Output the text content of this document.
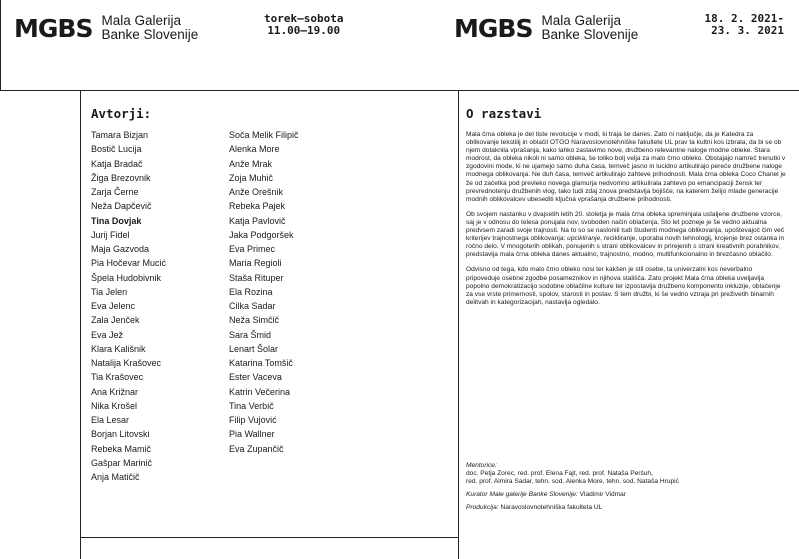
MGBS Mala Galerija
Banke Slovenije
torek–sobota
11.00–19.00	MGBS Mala Galerija
Banke Slovenije
18. 2. 2021-
23. 3. 2021
Avtorji:
Tamara Bizjan
Bostič Lucija
Katja Bradač
Žiga Brezovnik
Zarja Černe
Neža Dapčevič
Tina Dovjak
Jurij Fidel
Maja Gazvoda
Pia Hočevar Mucić
Špela Hudobivnik
Tia Jelen
Eva Jelenc
Zala Jenček
Eva Jež
Klara Kališnik
Natalija Krašovec
Tia Krašovec
Ana Križnar
Nika Krošel
Ela Lesar
Borjan Litovski
Rebeka Mamič
Gašpar Marinič
Anja Matičič
Soča Melik Filipič
Alenka More
Anže Mrak
Zoja Muhič
Anže Orešnik
Rebeka Pajek
Katja Pavlovič
Jaka Podgoršek
Eva Primec
Maria Regioli
Staša Rituper
Ela Rozina
Cilka Sadar
Neža Simčič
Sara Šmid
Lenart Šolar
Katarina Tomšič
Ester Vaceva
Katrin Večerina
Tina Verbič
Filip Vujović
Pia Wallner
Eva Zupančič
O razstavi

Mala črna obleka je del tiste revolucije v modi, ki traja še danes. Zato ni naključje, da je Katedra za oblikovanje tekstilij in oblačil OTGO Naravoslovnotehniške fakultete UL prav ta kultni kos izbrala, da bi se ob njem dotaknila vprašanja, kako lahko zastavimo nove, družbeno relevantne naloge modne obleke. Stara modrost, da obleka nikoli ni samo obleka, še toliko bolj velja za malo črno obleko. Obstajajo namreč trenutki v zgodovini mode, ki ne ujamejo samo duha časa, temveč jasno in lucidno artikulirajo pereče družbene naloge modnega oblikovanja. Ne duh časa, temveč artikulirajo zahteve prihodnosti. Mala črna obleka Coco Chanel je že od začetka pod prevleko novega glamurja nedvomno artikulirala zahtevo po emancipaciji žensk ter prevrednotenju družbenih vlog, tako tudi zdaj znova predstavlja bojišče, na katerem želijo mlade generacije modnih oblikovalcev ubesediti ključna vprašanja družbene prihodnosti.

Ob svojem nastanku v dvajsetih letih 20. stoletja je mala črna obleka spreminjala ustaljene družbene vzorce, saj je v odnosu do telesa ponujala nov, svoboden način oblačenja. Sto let pozneje je še vedno aktualna predvsem zaradi svoje trajnosti. Na to so se naslonili tudi študenti modnega oblikovanja, upoštevajoč čim več kriterijev trajnostnega oblikovanja: upcikliranje, recikliranje, uporaba novih tehnologij, krojenje brez ostanka in ročno delo. V mnogoterih oblikah, ponujenih s strani oblikovalcev in prirejenih s strani kreativnih porabnikov, predstavlja mala črna obleka danes aktualno, trajnostno, modno, multifunkcionalno in brezčasno oblačilo.

Odvisno od tega, kdo malo črno obleko nosi ter kakšen je stil osebe, ta univerzalni kos neverbalno pripoveduje osebne zgodbe posameznikov in njihova stališča. Zato projekt Mala črna obleka uveljavlja popolno demokratizacijo sodobne oblačilne kulture ter izpostavlja družbeno komponento inkluzije, oblačenje za vse vrste primernosti, spolov, starosti in postav. S tem družbi, ki še vedno vztraja pri preživetih binarnih delitvah in kategorizacijah, nastavlja ogledalo.

Mentorice:
doc. Petja Zorec, red. prof. Elena Fajt, red. prof. Nataša Peršuh,
red. prof. Almira Sadar, tehn. sod. Alenka More, tehn. sod. Nataša Hrupić

Kurator Male galerije Banke Slovenije: Vladimir Vidmar

Produkcija: Naravoslovnotehniška fakulteta UL
